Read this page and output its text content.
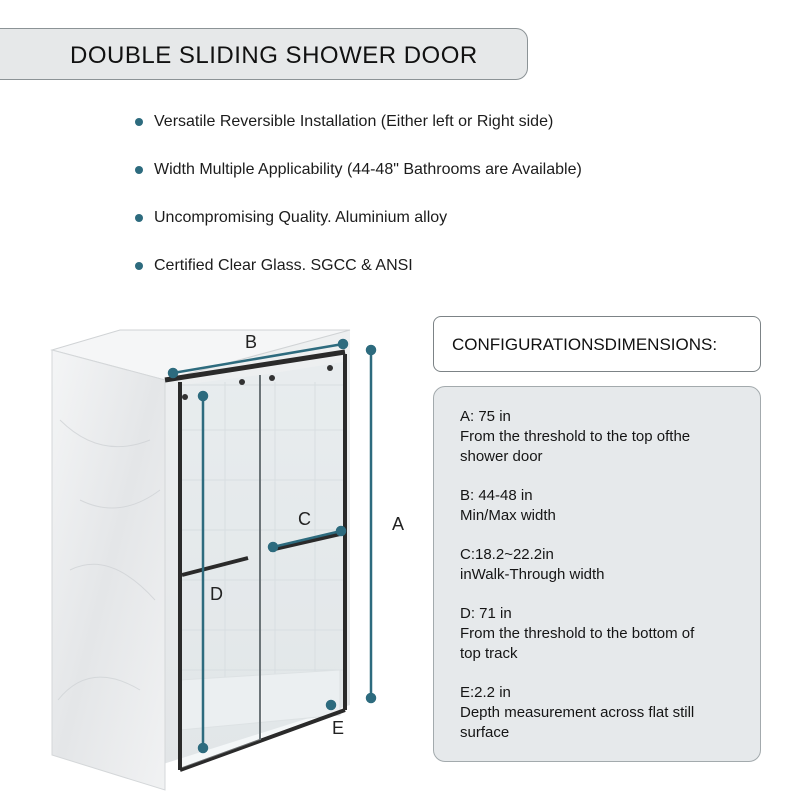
DOUBLE SLIDING SHOWER DOOR
Versatile Reversible Installation (Either left or Right side)
Width Multiple Applicability (44-48" Bathrooms are Available)
Uncompromising Quality. Aluminium alloy
Certified Clear Glass. SGCC & ANSI
CONFIGURATIONSDIMENSIONS:
A: 75 in
From the threshold to the top ofthe
shower door
B: 44-48 in
Min/Max width
C:18.2~22.2in
inWalk-Through width
D: 71 in
From the threshold to the bottom of
top track
E:2.2 in
Depth measurement across flat still
surface
B
A
C
D
E
